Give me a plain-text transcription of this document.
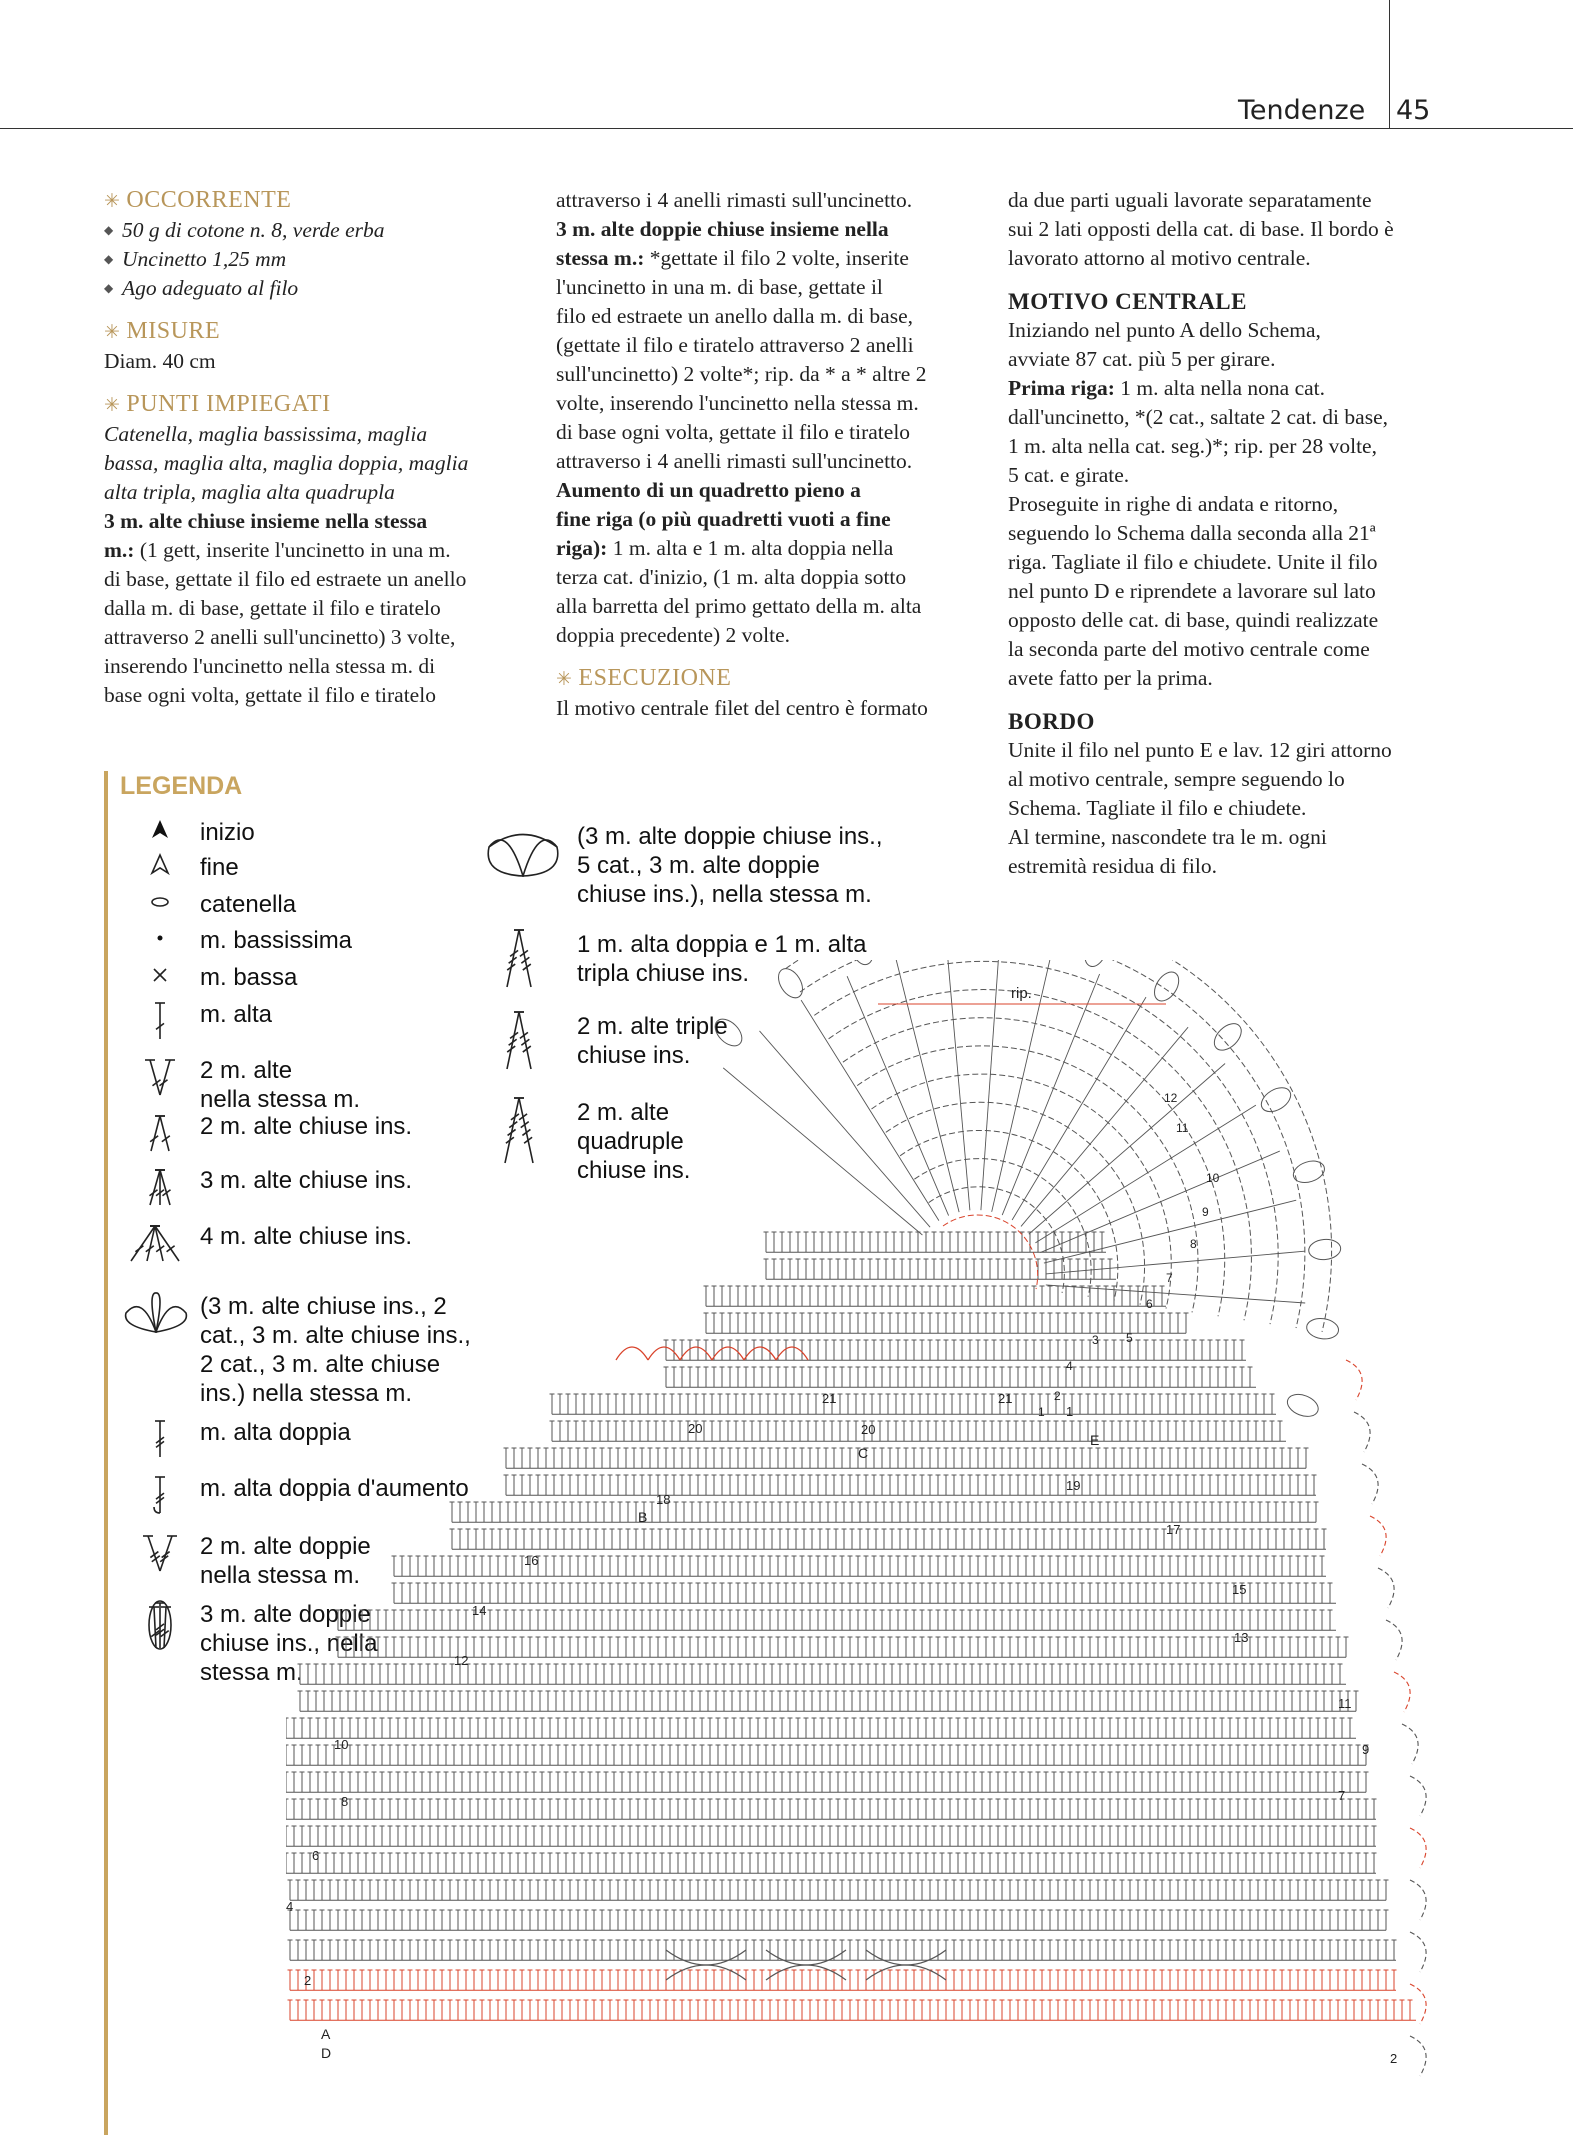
Tendenze 45

✳ OCCORRENTE

◆ 50 g di cotone n. 8, verde erba

◆ Uncinetto 1,25 mm

◆ Ago adeguato al filo

✳ MISURE

Diam. 40 cm

✳ PUNTI IMPIEGATI

Catenella, maglia bassissima, maglia

bassa, maglia alta, maglia doppia, maglia

alta tripla, maglia alta quadrupla

3 m. alte chiuse insieme nella stessa

m.: (1 gett, inserite l'uncinetto in una m.

di base, gettate il filo ed estraete un anello

dalla m. di base, gettate il filo e tiratelo

attraverso 2 anelli sull'uncinetto) 3 volte,

inserendo l'uncinetto nella stessa m. di

base ogni volta, gettate il filo e tiratelo

attraverso i 4 anelli rimasti sull'uncinetto.

3 m. alte doppie chiuse insieme nella

stessa m.: *gettate il filo 2 volte, inserite

l'uncinetto in una m. di base, gettate il

filo ed estraete un anello dalla m. di base,

(gettate il filo e tiratelo attraverso 2 anelli

sull'uncinetto) 2 volte*; rip. da * a * altre 2

volte, inserendo l'uncinetto nella stessa m.

di base ogni volta, gettate il filo e tiratelo

attraverso i 4 anelli rimasti sull'uncinetto.

Aumento di un quadretto pieno a

fine riga (o più quadretti vuoti a fine

riga): 1 m. alta e 1 m. alta doppia nella

terza cat. d'inizio, (1 m. alta doppia sotto

alla barretta del primo gettato della m. alta

doppia precedente) 2 volte.

✳ ESECUZIONE

Il motivo centrale filet del centro è formato

da due parti uguali lavorate separatamente

sui 2 lati opposti della cat. di base. Il bordo è

lavorato attorno al motivo centrale.

MOTIVO CENTRALE

Iniziando nel punto A dello Schema,

avviate 87 cat. più 5 per girare.

Prima riga: 1 m. alta nella nona cat.

dall'uncinetto, *(2 cat., saltate 2 cat. di base,

1 m. alta nella cat. seg.)*; rip. per 28 volte,

5 cat. e girate.

Proseguite in righe di andata e ritorno,

seguendo lo Schema dalla seconda alla 21ª

riga. Tagliate il filo e chiudete. Unite il filo

nel punto D e riprendete a lavorare sul lato

opposto delle cat. di base, quindi realizzate

la seconda parte del motivo centrale come

avete fatto per la prima.

BORDO

Unite il filo nel punto E e lav. 12 giri attorno

al motivo centrale, sempre seguendo lo

Schema. Tagliate il filo e chiudete.

Al termine, nascondete tra le m. ogni

estremità residua di filo.

LEGENDA
inizio
fine
catenella
m. bassissima
m. bassa
m. alta
2 m. alte
nella stessa m.
2 m. alte chiuse ins.
3 m. alte chiuse ins.
4 m. alte chiuse ins.
(3 m. alte chiuse ins., 2
cat., 3 m. alte chiuse ins.,
2 cat., 3 m. alte chiuse
ins.) nella stessa m.
m. alta doppia
m. alta doppia d'aumento
2 m. alte doppie
nella stessa m.
3 m. alte doppie
chiuse ins., nella
stessa m.
(3 m. alte doppie chiuse ins.,
5 cat., 3 m. alte doppie
chiuse ins.), nella stessa m.
1 m. alta doppia e 1 m. alta
tripla chiuse ins.
2 m. alte triple
chiuse ins.
2 m. alte
quadruple
chiuse ins.
rip.
2
4
6
8
10
12
14
16
18
20
21
20
21
19
17
15
13
11
9
7
1
2
1
2
3
4
5
6
7
8
9
10
11
12
A
D
B
C
E
